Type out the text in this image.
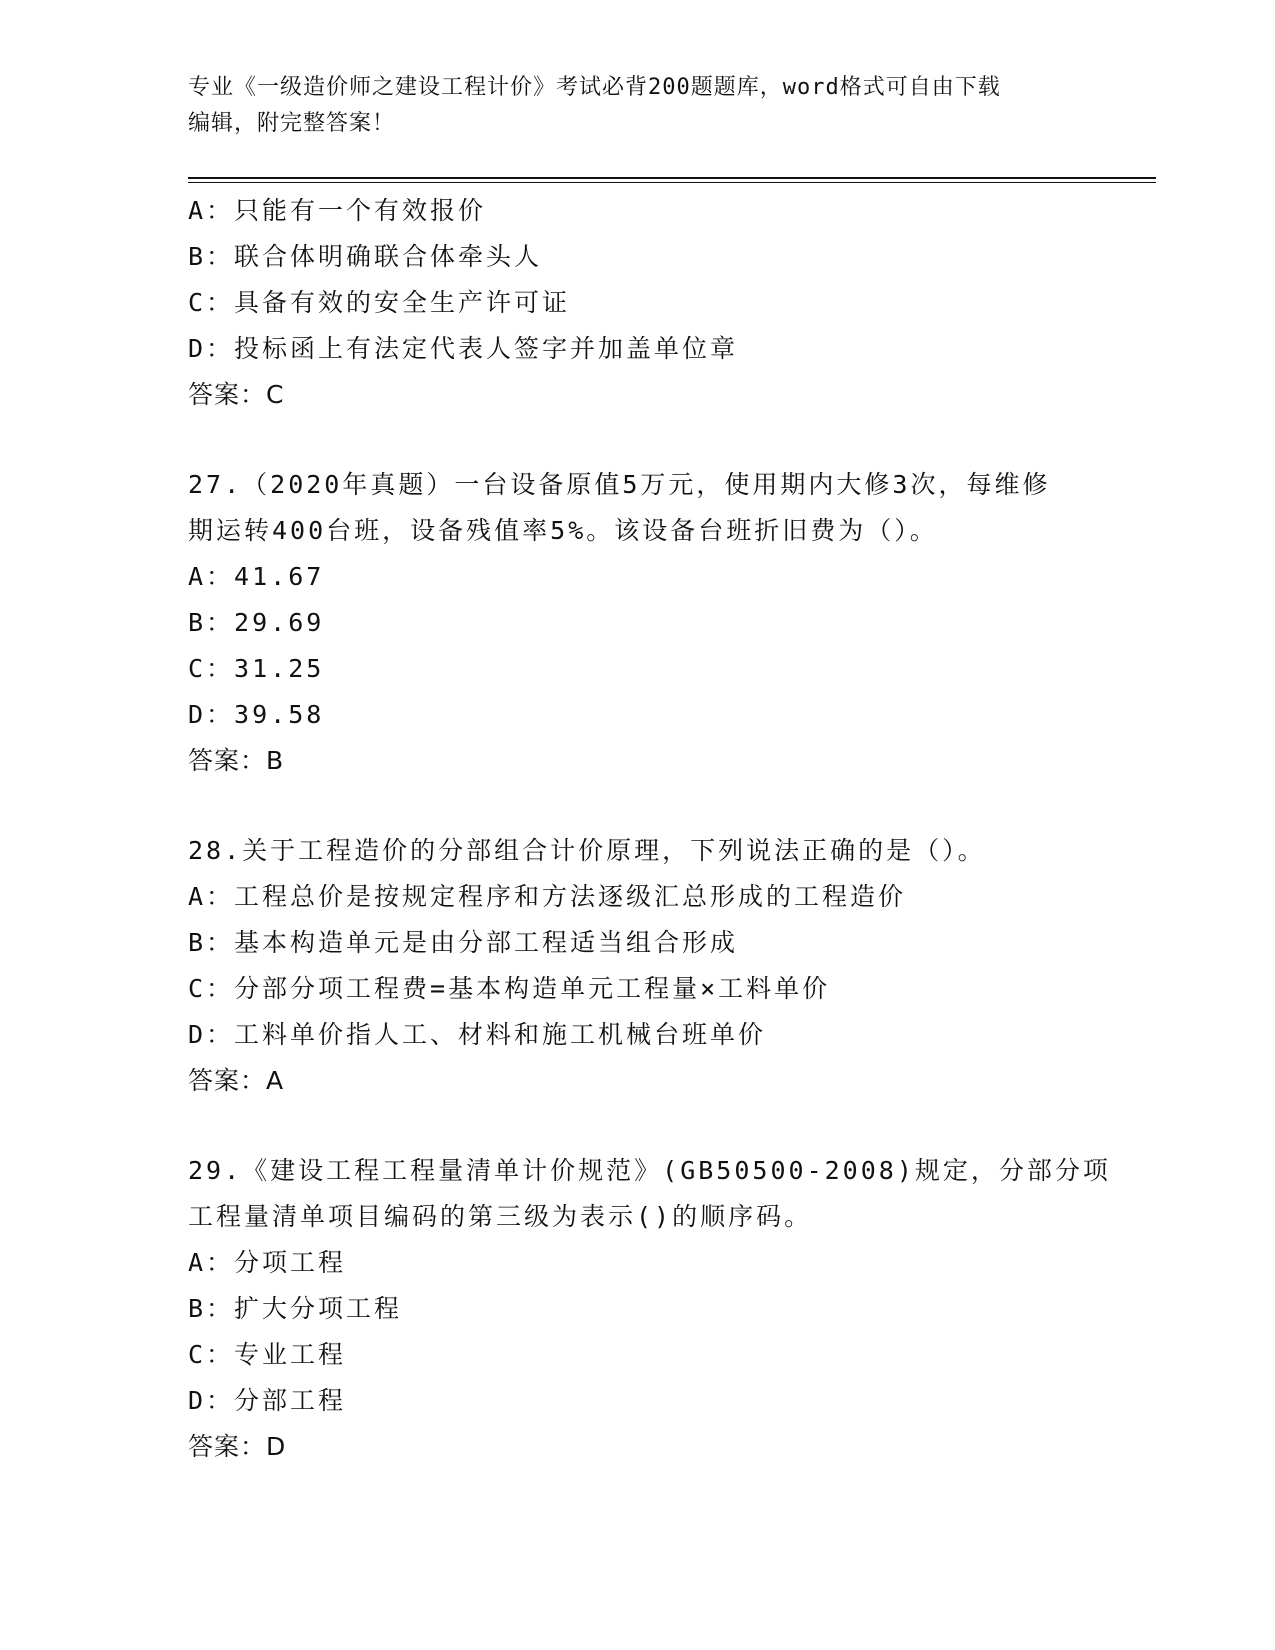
专业《一级造价师之建设工程计价》考试必背200题题库，word格式可自由下载
编辑，附完整答案！
A：只能有一个有效报价
B：联合体明确联合体牵头人
C：具备有效的安全生产许可证
D：投标函上有法定代表人签字并加盖单位章
答案：C
27.（2020年真题）一台设备原值5万元，使用期内大修3次，每维修
期运转400台班，设备残值率5%。该设备台班折旧费为（）。
A：41.67
B：29.69
C：31.25
D：39.58
答案：B
28.关于工程造价的分部组合计价原理，下列说法正确的是（）。
A：工程总价是按规定程序和方法逐级汇总形成的工程造价
B：基本构造单元是由分部工程适当组合形成
C：分部分项工程费=基本构造单元工程量×工料单价
D：工料单价指人工、材料和施工机械台班单价
答案：A
29.《建设工程工程量清单计价规范》(GB50500-2008)规定，分部分项
工程量清单项目编码的第三级为表示()的顺序码。
A：分项工程
B：扩大分项工程
C：专业工程
D：分部工程
答案：D
